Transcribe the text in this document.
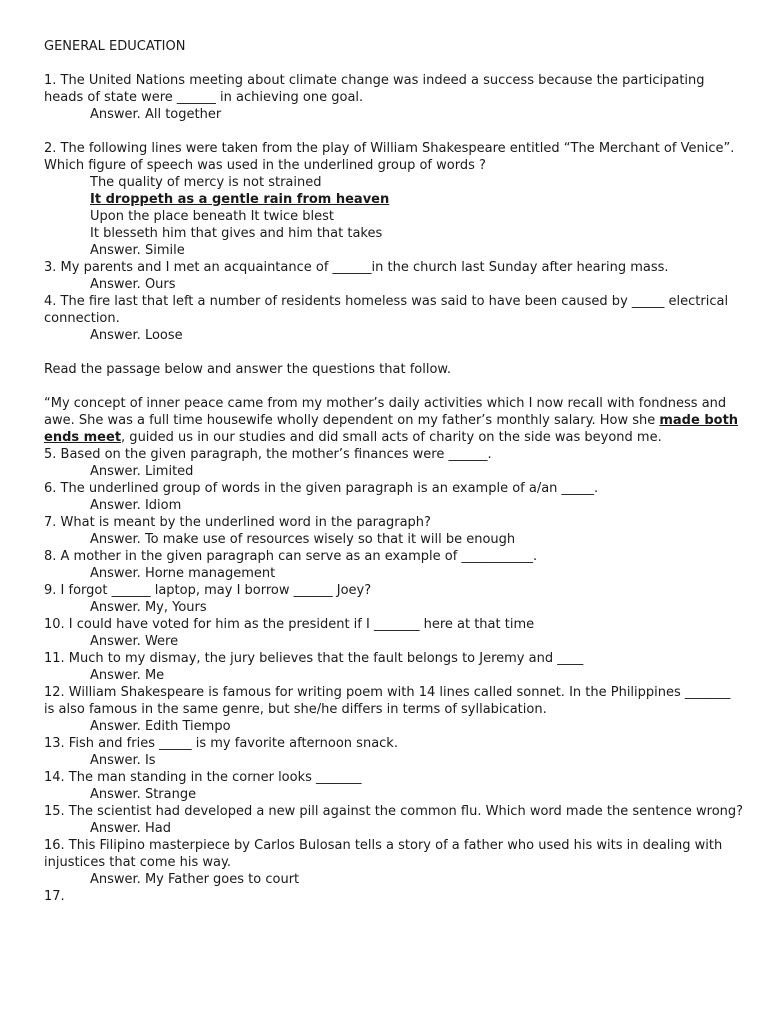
GENERAL EDUCATION
1. The United Nations meeting about climate change was indeed a success because the participating heads of state were ______ in achieving one goal.
Answer. All together
2. The following lines were taken from the play of William Shakespeare entitled “The Merchant of Venice”. Which figure of speech was used in the underlined group of words ?
The quality of mercy is not strained
It droppeth as a gentle rain from heaven
Upon the place beneath It twice blest
It blesseth him that gives and him that takes
Answer. Simile
3. My parents and I met an acquaintance of ______in the church last Sunday after hearing mass.
Answer. Ours
4. The fire last that left a number of residents homeless was said to have been caused by _____ electrical connection.
Answer. Loose
Read the passage below and answer the questions that follow.
“My concept of inner peace came from my mother’s daily activities which I now recall with fondness and awe. She was a full time housewife wholly dependent on my father’s monthly salary. How she made both ends meet, guided us in our studies and did small acts of charity on the side was beyond me.
5. Based on the given paragraph, the mother’s finances were ______.
Answer. Limited
6. The underlined group of words in the given paragraph is an example of a/an _____.
Answer. Idiom
7. What is meant by the underlined word in the paragraph?
Answer. To make use of resources wisely so that it will be enough
8. A mother in the given paragraph can serve as an example of ___________.
Answer. Horne management
9. I forgot ______ laptop, may I borrow ______ Joey?
Answer. My, Yours
10. I could have voted for him as the president if I _______ here at that time
Answer. Were
11. Much to my dismay, the jury believes that the fault belongs to Jeremy and ____
Answer. Me
12. William Shakespeare is famous for writing poem with 14 lines called sonnet. In the Philippines _______ is also famous in the same genre, but she/he differs in terms of syllabication.
Answer. Edith Tiempo
13. Fish and fries _____ is my favorite afternoon snack.
Answer. Is
14. The man standing in the corner looks _______
Answer. Strange
15. The scientist had developed a new pill against the common flu. Which word made the sentence wrong?
Answer. Had
16. This Filipino masterpiece by Carlos Bulosan tells a story of a father who used his wits in dealing with injustices that come his way.
Answer. My Father goes to court
17.
